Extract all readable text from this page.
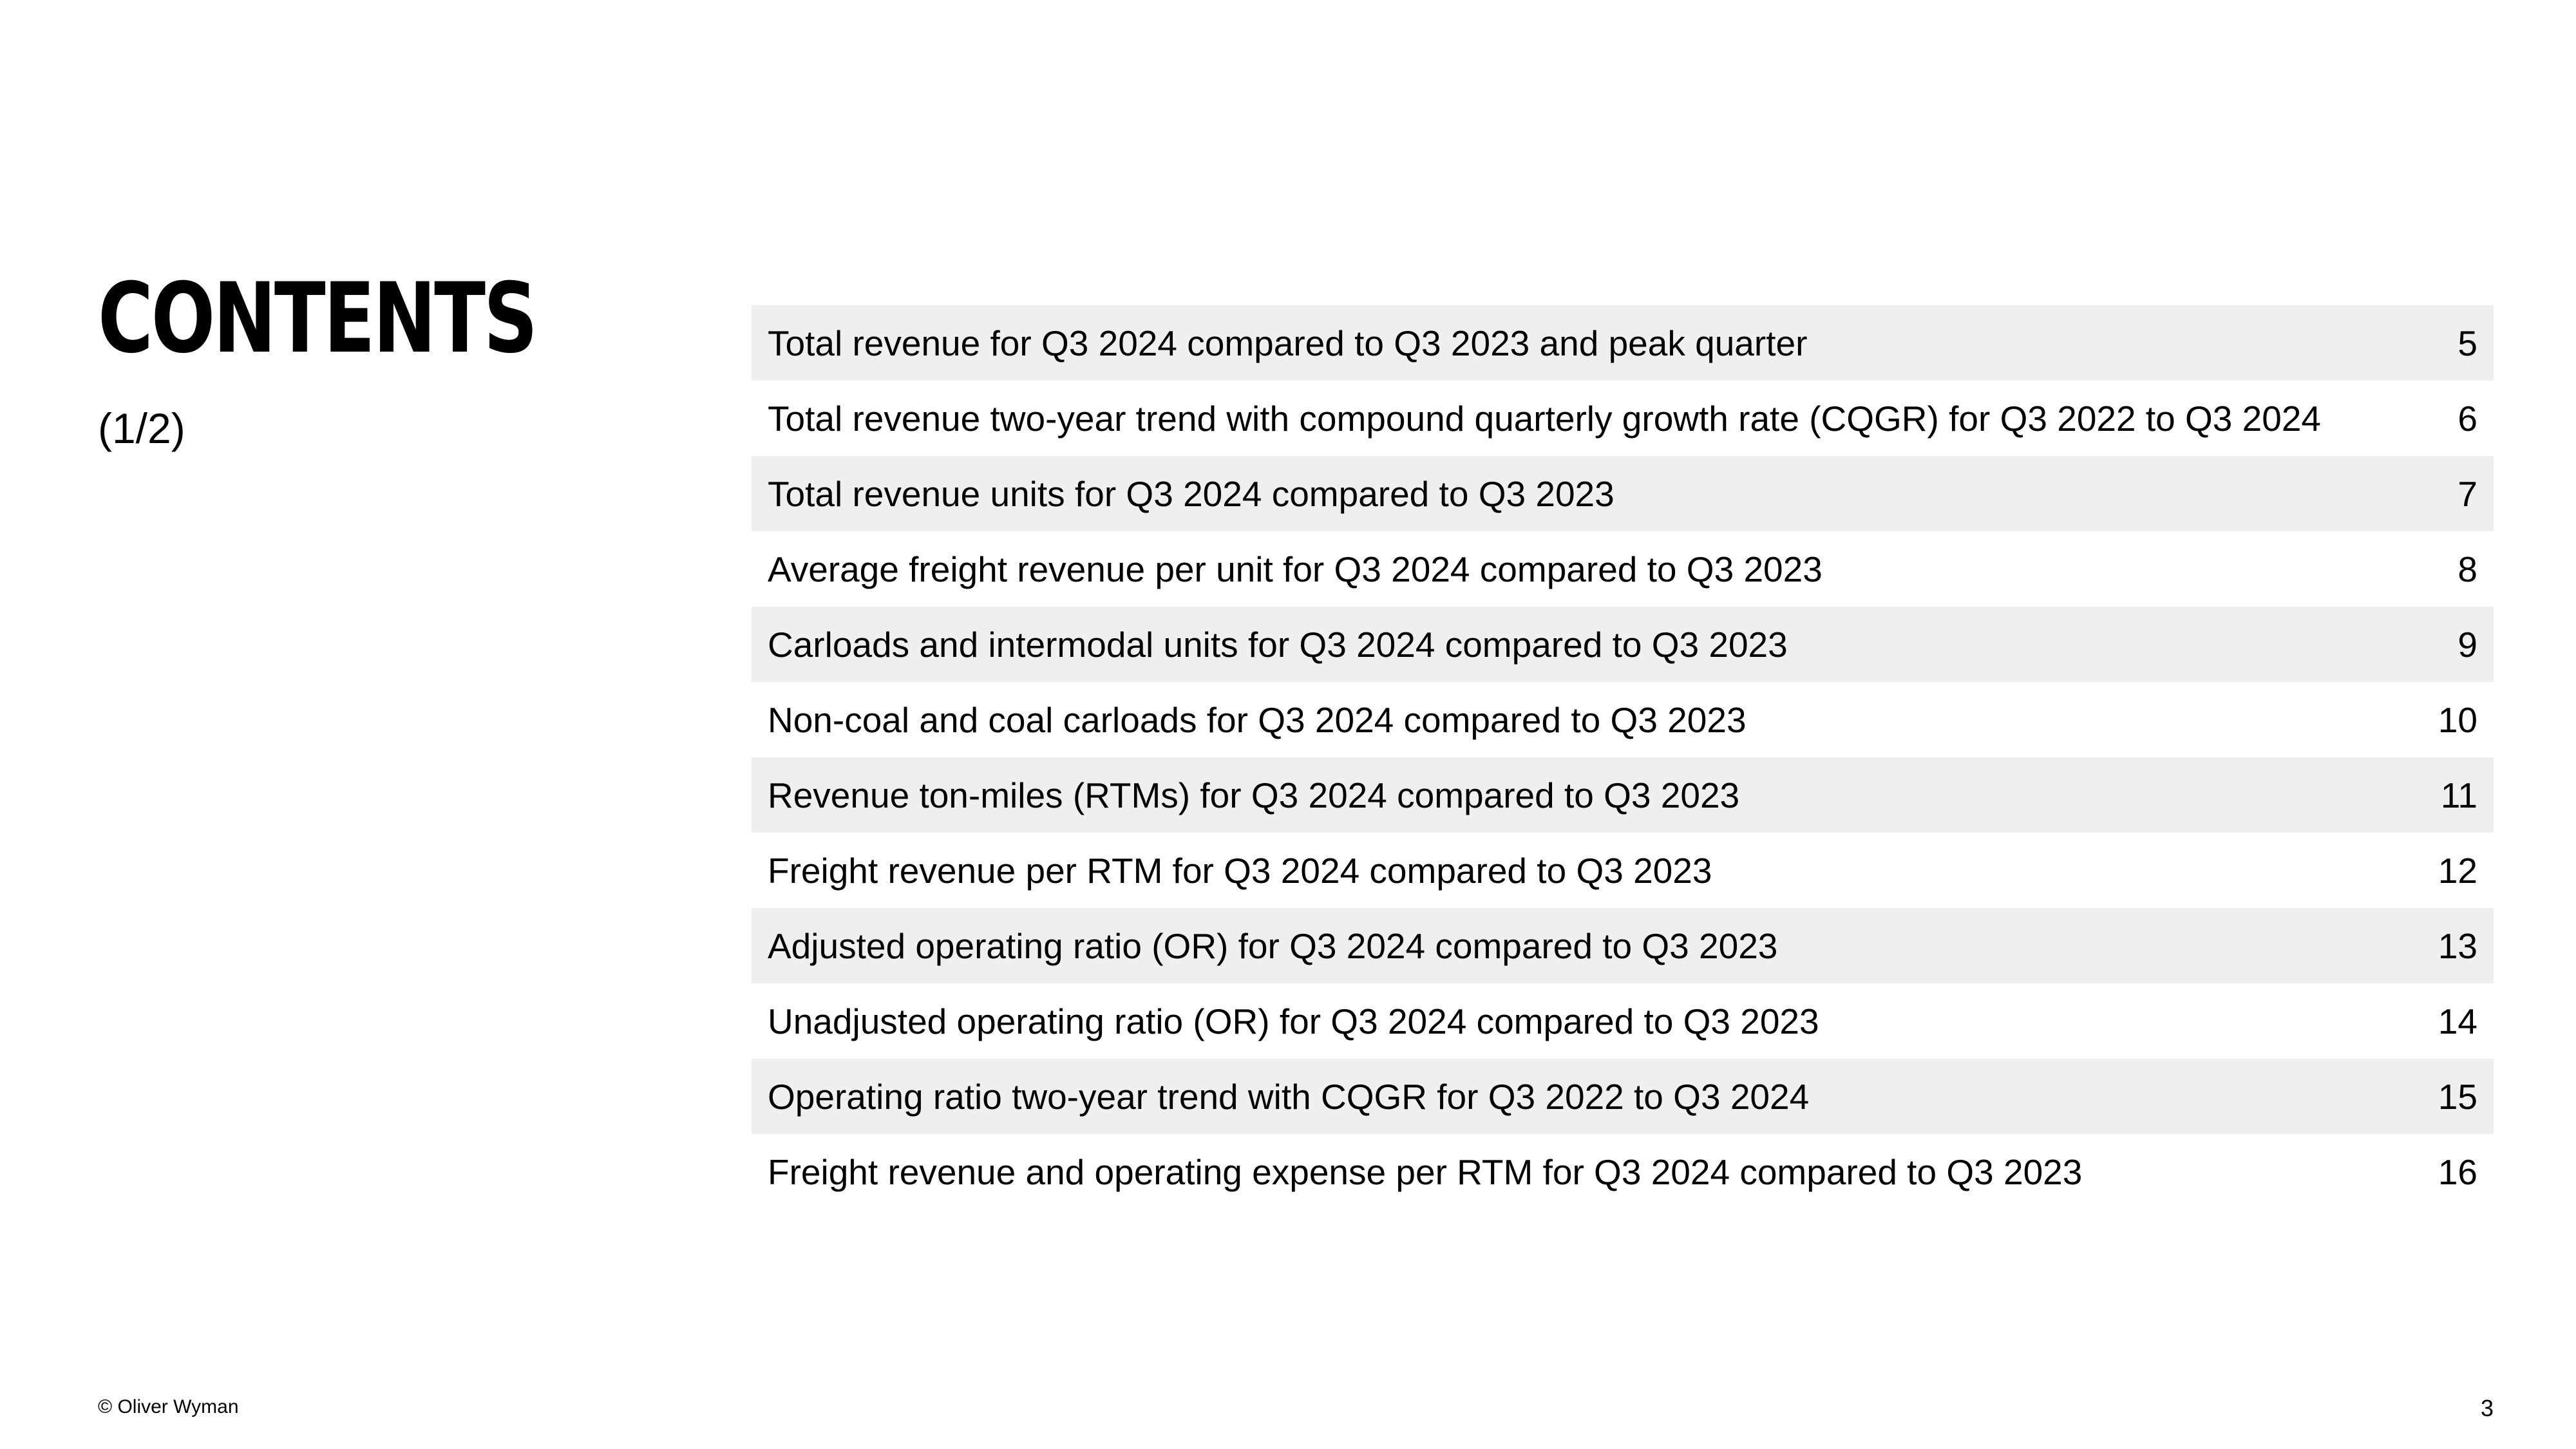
CONTENTS
(1/2)
Total revenue for Q3 2024 compared to Q3 2023 and peak quarter	5
Total revenue two-year trend with compound quarterly growth rate (CQGR) for Q3 2022 to Q3 2024	6
Total revenue units for Q3 2024 compared to Q3 2023	7
Average freight revenue per unit for Q3 2024 compared to Q3 2023	8
Carloads and intermodal units for Q3 2024 compared to Q3 2023	9
Non-coal and coal carloads for Q3 2024 compared to Q3 2023	10
Revenue ton-miles (RTMs) for Q3 2024 compared to Q3 2023	11
Freight revenue per RTM for Q3 2024 compared to Q3 2023	12
Adjusted operating ratio (OR) for Q3 2024 compared to Q3 2023	13
Unadjusted operating ratio (OR) for Q3 2024 compared to Q3 2023	14
Operating ratio two-year trend with CQGR for Q3 2022 to Q3 2024	15
Freight revenue and operating expense per RTM for Q3 2024 compared to Q3 2023	16
© Oliver Wyman	3
